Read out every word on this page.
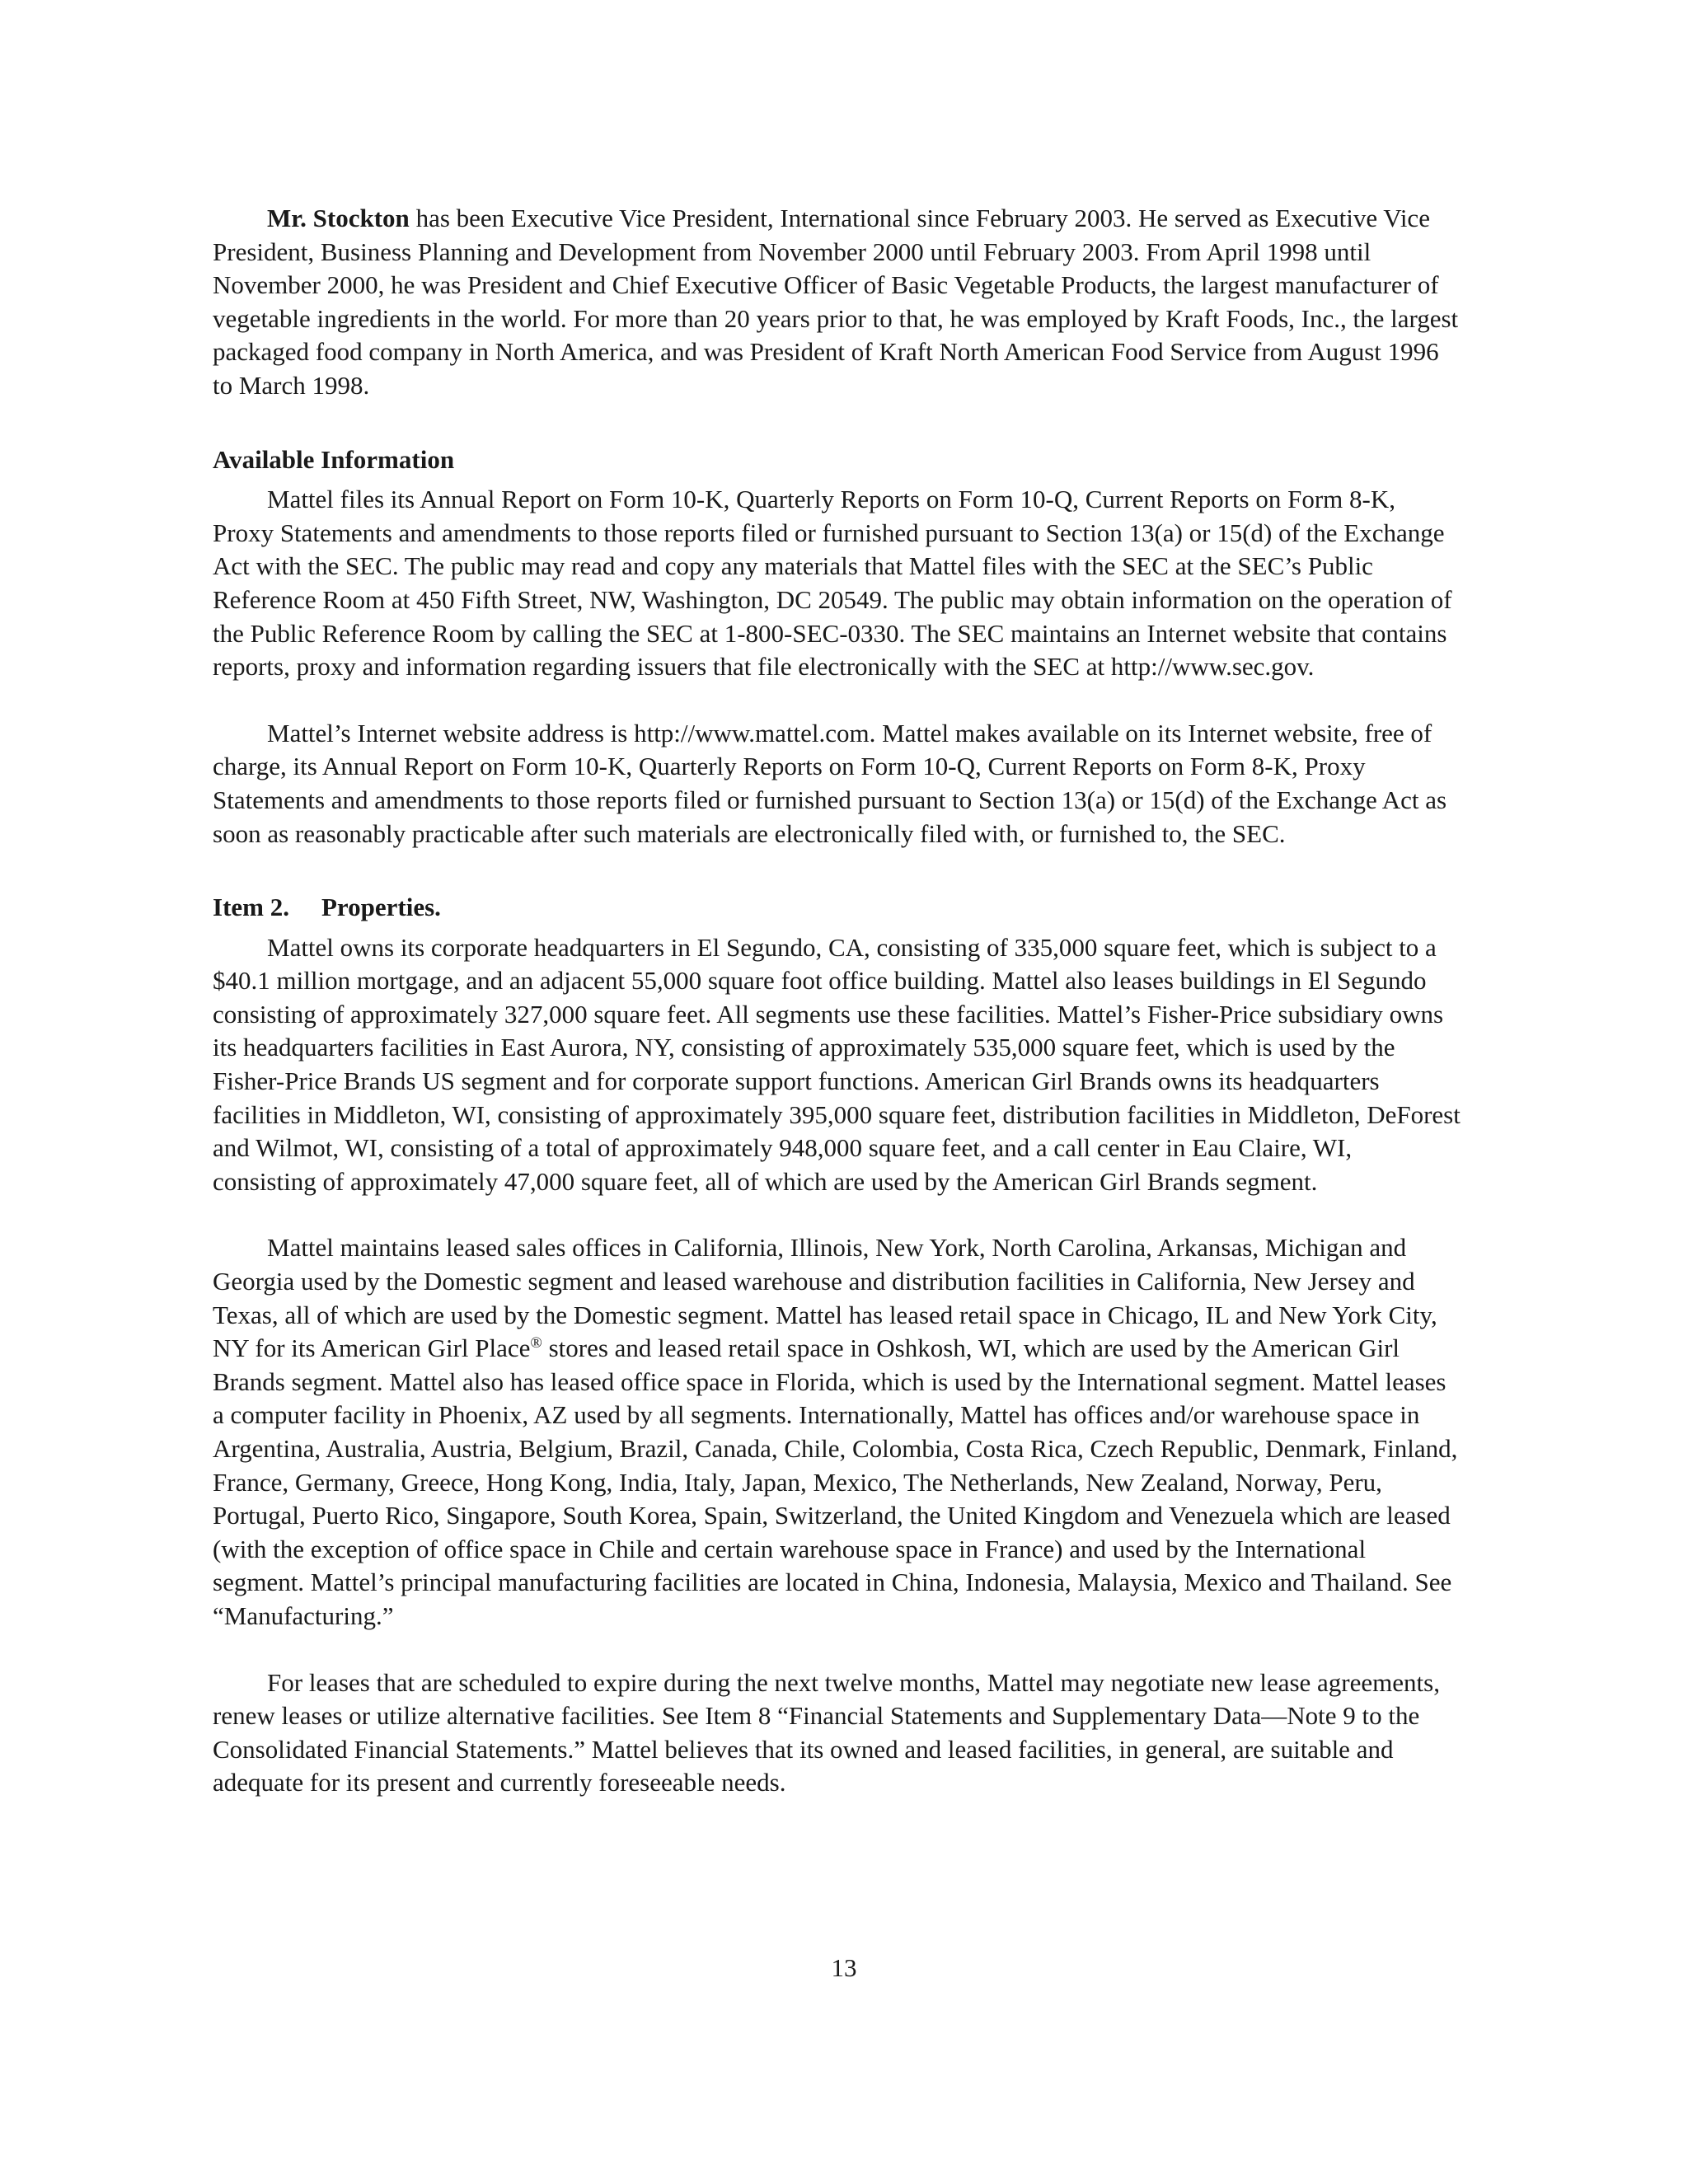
Mr. Stockton has been Executive Vice President, International since February 2003. He served as Executive Vice President, Business Planning and Development from November 2000 until February 2003. From April 1998 until November 2000, he was President and Chief Executive Officer of Basic Vegetable Products, the largest manufacturer of vegetable ingredients in the world. For more than 20 years prior to that, he was employed by Kraft Foods, Inc., the largest packaged food company in North America, and was President of Kraft North American Food Service from August 1996 to March 1998.

Available Information

Mattel files its Annual Report on Form 10-K, Quarterly Reports on Form 10-Q, Current Reports on Form 8-K, Proxy Statements and amendments to those reports filed or furnished pursuant to Section 13(a) or 15(d) of the Exchange Act with the SEC. The public may read and copy any materials that Mattel files with the SEC at the SEC’s Public Reference Room at 450 Fifth Street, NW, Washington, DC 20549. The public may obtain information on the operation of the Public Reference Room by calling the SEC at 1-800-SEC-0330. The SEC maintains an Internet website that contains reports, proxy and information regarding issuers that file electronically with the SEC at http://www.sec.gov.

Mattel’s Internet website address is http://www.mattel.com. Mattel makes available on its Internet website, free of charge, its Annual Report on Form 10-K, Quarterly Reports on Form 10-Q, Current Reports on Form 8-K, Proxy Statements and amendments to those reports filed or furnished pursuant to Section 13(a) or 15(d) of the Exchange Act as soon as reasonably practicable after such materials are electronically filed with, or furnished to, the SEC.

Item 2. Properties.

Mattel owns its corporate headquarters in El Segundo, CA, consisting of 335,000 square feet, which is subject to a $40.1 million mortgage, and an adjacent 55,000 square foot office building. Mattel also leases buildings in El Segundo consisting of approximately 327,000 square feet. All segments use these facilities. Mattel’s Fisher-Price subsidiary owns its headquarters facilities in East Aurora, NY, consisting of approximately 535,000 square feet, which is used by the Fisher-Price Brands US segment and for corporate support functions. American Girl Brands owns its headquarters facilities in Middleton, WI, consisting of approximately 395,000 square feet, distribution facilities in Middleton, DeForest and Wilmot, WI, consisting of a total of approximately 948,000 square feet, and a call center in Eau Claire, WI, consisting of approximately 47,000 square feet, all of which are used by the American Girl Brands segment.

Mattel maintains leased sales offices in California, Illinois, New York, North Carolina, Arkansas, Michigan and Georgia used by the Domestic segment and leased warehouse and distribution facilities in California, New Jersey and Texas, all of which are used by the Domestic segment. Mattel has leased retail space in Chicago, IL and New York City, NY for its American Girl Place® stores and leased retail space in Oshkosh, WI, which are used by the American Girl Brands segment. Mattel also has leased office space in Florida, which is used by the International segment. Mattel leases a computer facility in Phoenix, AZ used by all segments. Internationally, Mattel has offices and/or warehouse space in Argentina, Australia, Austria, Belgium, Brazil, Canada, Chile, Colombia, Costa Rica, Czech Republic, Denmark, Finland, France, Germany, Greece, Hong Kong, India, Italy, Japan, Mexico, The Netherlands, New Zealand, Norway, Peru, Portugal, Puerto Rico, Singapore, South Korea, Spain, Switzerland, the United Kingdom and Venezuela which are leased (with the exception of office space in Chile and certain warehouse space in France) and used by the International segment. Mattel’s principal manufacturing facilities are located in China, Indonesia, Malaysia, Mexico and Thailand. See “Manufacturing.”

For leases that are scheduled to expire during the next twelve months, Mattel may negotiate new lease agreements, renew leases or utilize alternative facilities. See Item 8 “Financial Statements and Supplementary Data—Note 9 to the Consolidated Financial Statements.” Mattel believes that its owned and leased facilities, in general, are suitable and adequate for its present and currently foreseeable needs.

13
